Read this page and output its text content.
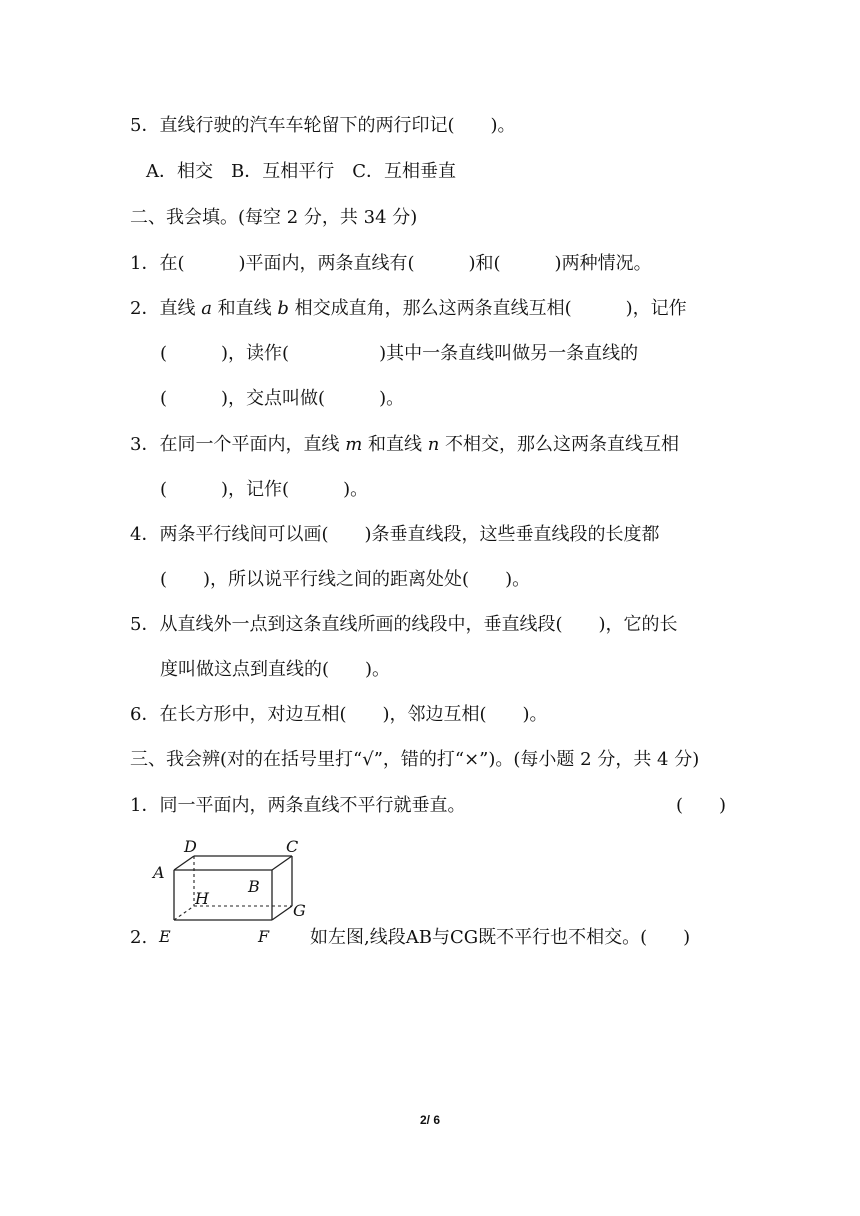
5．直线行驶的汽车车轮留下的两行印记(　　)。
A．相交　B．互相平行　C．互相垂直
二、我会填。(每空 2 分，共 34 分)
1．在(　　　)平面内，两条直线有(　　　)和(　　　)两种情况。
2．直线 a 和直线 b 相交成直角，那么这两条直线互相(　　　)，记作
(　　　)，读作(　　　　　)其中一条直线叫做另一条直线的
(　　　)，交点叫做(　　　)。
3．在同一个平面内，直线 m 和直线 n 不相交，那么这两条直线互相
(　　　)，记作(　　　)。
4．两条平行线间可以画(　　)条垂直线段，这些垂直线段的长度都
(　　)，所以说平行线之间的距离处处(　　)。
5．从直线外一点到这条直线所画的线段中，垂直线段(　　)，它的长
度叫做这点到直线的(　　)。
6．在长方形中，对边互相(　　)，邻边互相(　　)。
三、我会辨(对的在括号里打“√”，错的打“×”)。(每小题 2 分，共 4 分)
1．同一平面内，两条直线不平行就垂直。	(　　)
D	C
A
B
H
G
E	F
2.	如左图,线段AB与CG既不平行也不相交。(　　)
2/ 6
